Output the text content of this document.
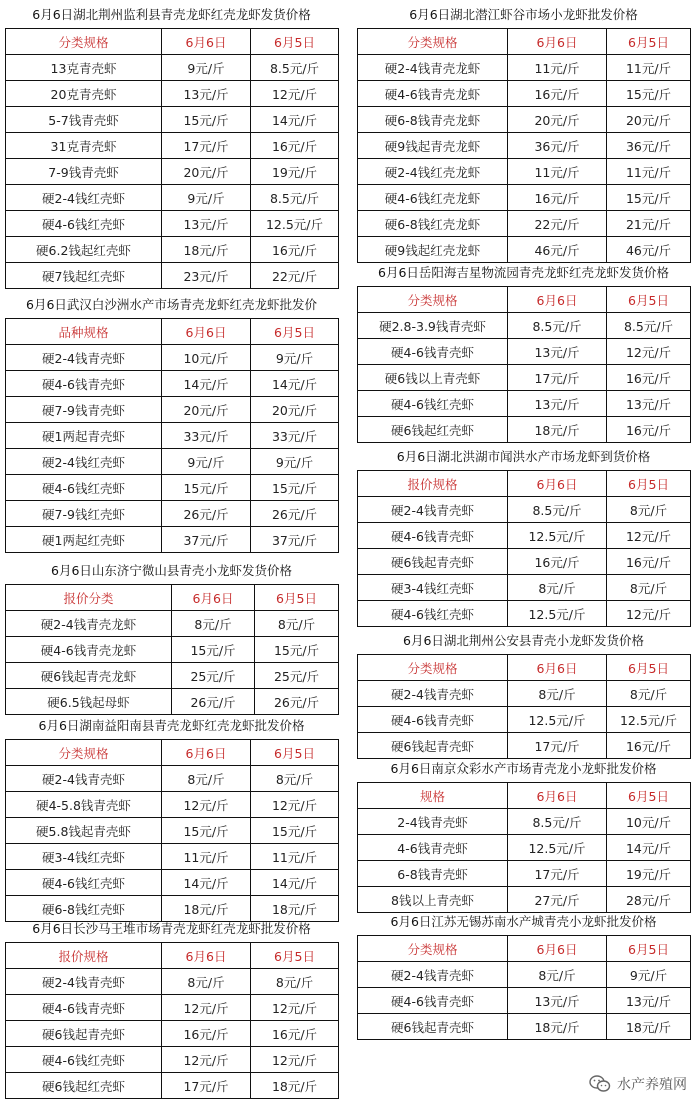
6月6日湖北荆州监利县青壳龙虾红壳龙虾发货价格
分类规格	6月6日	6月5日
13克青壳虾	9元/斤	8.5元/斤
20克青壳虾	13元/斤	12元/斤
5-7钱青壳虾	15元/斤	14元/斤
31克青壳虾	17元/斤	16元/斤
7-9钱青壳虾	20元/斤	19元/斤
硬2-4钱红壳虾	9元/斤	8.5元/斤
硬4-6钱红壳虾	13元/斤	12.5元/斤
硬6.2钱起红壳虾	18元/斤	16元/斤
硬7钱起红壳虾	23元/斤	22元/斤
6月6日武汉白沙洲水产市场青壳龙虾红壳龙虾批发价
品种规格	6月6日	6月5日
硬2-4钱青壳虾	10元/斤	9元/斤
硬4-6钱青壳虾	14元/斤	14元/斤
硬7-9钱青壳虾	20元/斤	20元/斤
硬1两起青壳虾	33元/斤	33元/斤
硬2-4钱红壳虾	9元/斤	9元/斤
硬4-6钱红壳虾	15元/斤	15元/斤
硬7-9钱红壳虾	26元/斤	26元/斤
硬1两起红壳虾	37元/斤	37元/斤
6月6日山东济宁微山县青壳小龙虾发货价格
报价分类	6月6日	6月5日
硬2-4钱青壳龙虾	8元/斤	8元/斤
硬4-6钱青壳龙虾	15元/斤	15元/斤
硬6钱起青壳龙虾	25元/斤	25元/斤
硬6.5钱起母虾	26元/斤	26元/斤
6月6日湖南益阳南县青壳龙虾红壳龙虾批发价格
分类规格	6月6日	6月5日
硬2-4钱青壳虾	8元/斤	8元/斤
硬4-5.8钱青壳虾	12元/斤	12元/斤
硬5.8钱起青壳虾	15元/斤	15元/斤
硬3-4钱红壳虾	11元/斤	11元/斤
硬4-6钱红壳虾	14元/斤	14元/斤
硬6-8钱红壳虾	18元/斤	18元/斤
6月6日长沙马王堆市场青壳龙虾红壳龙虾批发价格
报价规格	6月6日	6月5日
硬2-4钱青壳虾	8元/斤	8元/斤
硬4-6钱青壳虾	12元/斤	12元/斤
硬6钱起青壳虾	16元/斤	16元/斤
硬4-6钱红壳虾	12元/斤	12元/斤
硬6钱起红壳虾	17元/斤	18元/斤
6月6日湖北潜江虾谷市场小龙虾批发价格
分类规格	6月6日	6月5日
硬2-4钱青壳龙虾	11元/斤	11元/斤
硬4-6钱青壳龙虾	16元/斤	15元/斤
硬6-8钱青壳龙虾	20元/斤	20元/斤
硬9钱起青壳龙虾	36元/斤	36元/斤
硬2-4钱红壳龙虾	11元/斤	11元/斤
硬4-6钱红壳龙虾	16元/斤	15元/斤
硬6-8钱红壳龙虾	22元/斤	21元/斤
硬9钱起红壳龙虾	46元/斤	46元/斤
6月6日岳阳海吉星物流园青壳龙虾红壳龙虾发货价格
分类规格	6月6日	6月5日
硬2.8-3.9钱青壳虾	8.5元/斤	8.5元/斤
硬4-6钱青壳虾	13元/斤	12元/斤
硬6钱以上青壳虾	17元/斤	16元/斤
硬4-6钱红壳虾	13元/斤	13元/斤
硬6钱起红壳虾	18元/斤	16元/斤
6月6日湖北洪湖市闻洪水产市场龙虾到货价格
报价规格	6月6日	6月5日
硬2-4钱青壳虾	8.5元/斤	8元/斤
硬4-6钱青壳虾	12.5元/斤	12元/斤
硬6钱起青壳虾	16元/斤	16元/斤
硬3-4钱红壳虾	8元/斤	8元/斤
硬4-6钱红壳虾	12.5元/斤	12元/斤
6月6日湖北荆州公安县青壳小龙虾发货价格
分类规格	6月6日	6月5日
硬2-4钱青壳虾	8元/斤	8元/斤
硬4-6钱青壳虾	12.5元/斤	12.5元/斤
硬6钱起青壳虾	17元/斤	16元/斤
6月6日南京众彩水产市场青壳龙小龙虾批发价格
规格	6月6日	6月5日
2-4钱青壳虾	8.5元/斤	10元/斤
4-6钱青壳虾	12.5元/斤	14元/斤
6-8钱青壳虾	17元/斤	19元/斤
8钱以上青壳虾	27元/斤	28元/斤
6月6日江苏无锡苏南水产城青壳小龙虾批发价格
分类规格	6月6日	6月5日
硬2-4钱青壳虾	8元/斤	9元/斤
硬4-6钱青壳虾	13元/斤	13元/斤
硬6钱起青壳虾	18元/斤	18元/斤
水产养殖网
